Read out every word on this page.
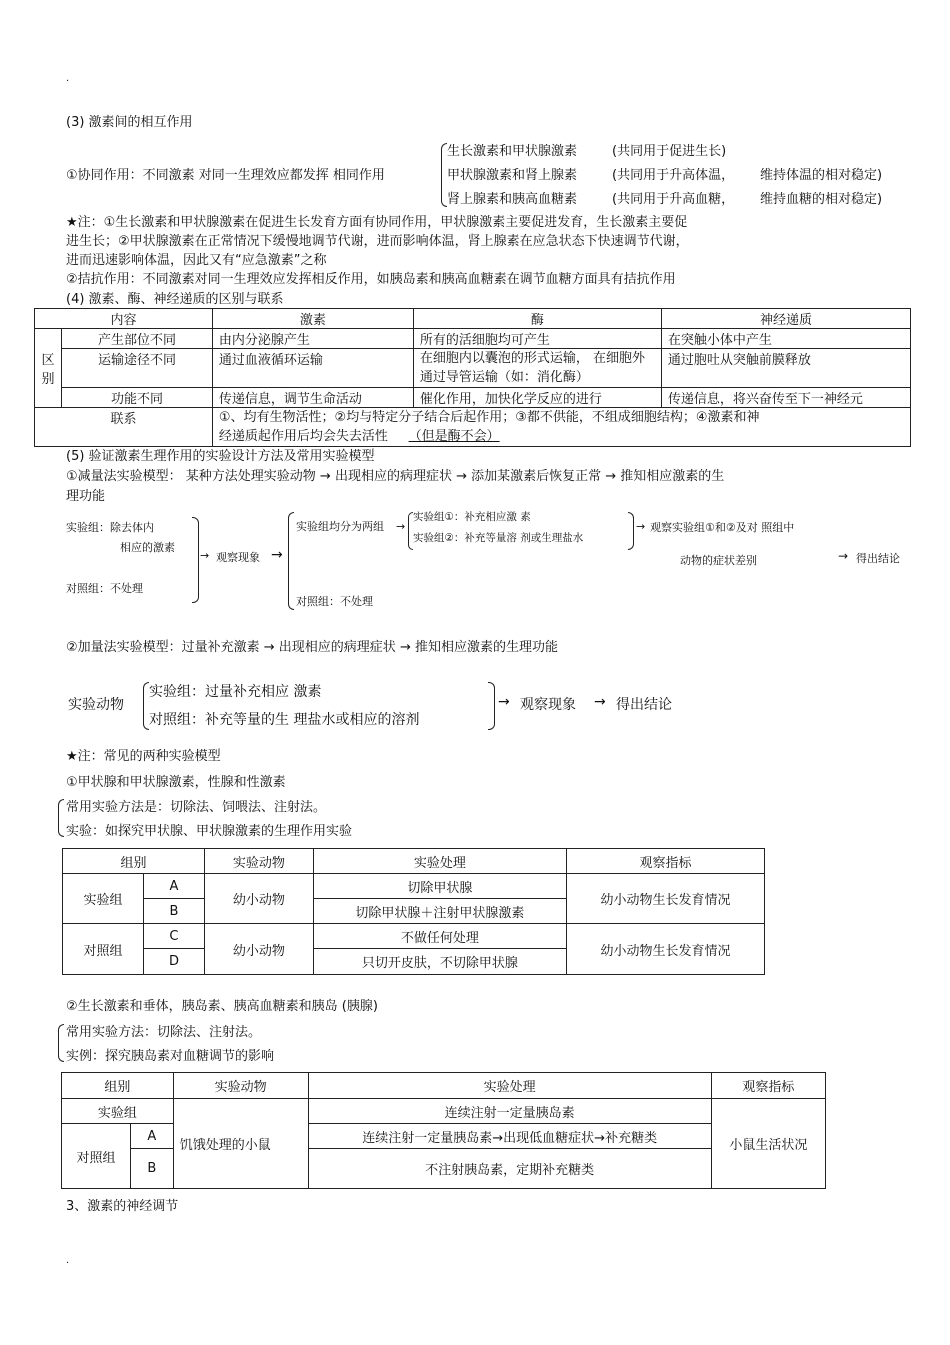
·
(3) 激素间的相互作用
①协同作用：不同激素 对同一生理效应都发挥 相同作用
生长激素和甲状腺激素	(共同用于促进生长)
甲状腺激素和肾上腺素	(共同用于升高体温， 维持体温的相对稳定)
肾上腺素和胰高血糖素	(共同用于升高血糖， 维持血糖的相对稳定)
★注：①生长激素和甲状腺激素在促进生长发育方面有协同作用，甲状腺激素主要促进发育，生长激素主要促
进生长；②甲状腺激素在正常情况下缓慢地调节代谢，进而影响体温，肾上腺素在应急状态下快速调节代谢，
进而迅速影响体温，因此又有“应急激素”之称
②拮抗作用：不同激素对同一生理效应发挥相反作用，如胰岛素和胰高血糖素在调节血糖方面具有拮抗作用
(4) 激素、酶、神经递质的区别与联系
内容		激素	酶	神经递质
区别	产生部位不同	由内分泌腺产生	所有的活细胞均可产生	在突触小体中产生
	运输途径不同	通过血液循环运输	在细胞内以囊泡的形式运输， 在细胞外通过导管运输（如：消化酶）	通过胞吐从突触前膜释放
	功能不同	传递信息，调节生命活动	催化作用，加快化学反应的进行	传递信息，将兴奋传至下一神经元
联系		①、均有生物活性；②均与特定分子结合后起作用；③都不供能，不组成细胞结构；④激素和神
经递质起作用后均会失去活性 （但是酶不会）		
(5) 验证激素生理作用的实验设计方法及常用实验模型
①减量法实验模型： 某种方法处理实验动物 → 出现相应的病理症状 → 添加某激素后恢复正常 → 推知相应激素的生
理功能
实验组：除去体内
相应的激素
对照组：不处理
→ 观察现象 →
实验组均分为两组
对照组：不处理
→
实验组①：补充相应激 素
实验组②：补充等量溶 剂或生理盐水
→ 观察实验组①和②及对 照组中
动物的症状差别	→ 得出结论
②加量法实验模型：过量补充激素 → 出现相应的病理症状 → 推知相应激素的生理功能
实验动物
实验组：过量补充相应 激素
对照组：补充等量的生 理盐水或相应的溶剂
→ 观察现象 → 得出结论
★注：常见的两种实验模型
①甲状腺和甲状腺激素，性腺和性激素
常用实验方法是：切除法、饲喂法、注射法。
实验：如探究甲状腺、甲状腺激素的生理作用实验
组别		实验动物	实验处理	观察指标
实验组	A	幼小动物	切除甲状腺	幼小动物生长发育情况
	B		切除甲状腺＋注射甲状腺激素	
对照组	C	幼小动物	不做任何处理	幼小动物生长发育情况
	D		只切开皮肤，不切除甲状腺	
②生长激素和垂体，胰岛素、胰高血糖素和胰岛 (胰腺)
常用实验方法：切除法、注射法。
实例：探究胰岛素对血糖调节的影响
组别		实验动物	实验处理	观察指标
实验组		饥饿处理的小鼠	连续注射一定量胰岛素	小鼠生活状况
对照组	A		连续注射一定量胰岛素→出现低血糖症状→补充糖类	
	B		不注射胰岛素，定期补充糖类	
3、激素的神经调节
·
